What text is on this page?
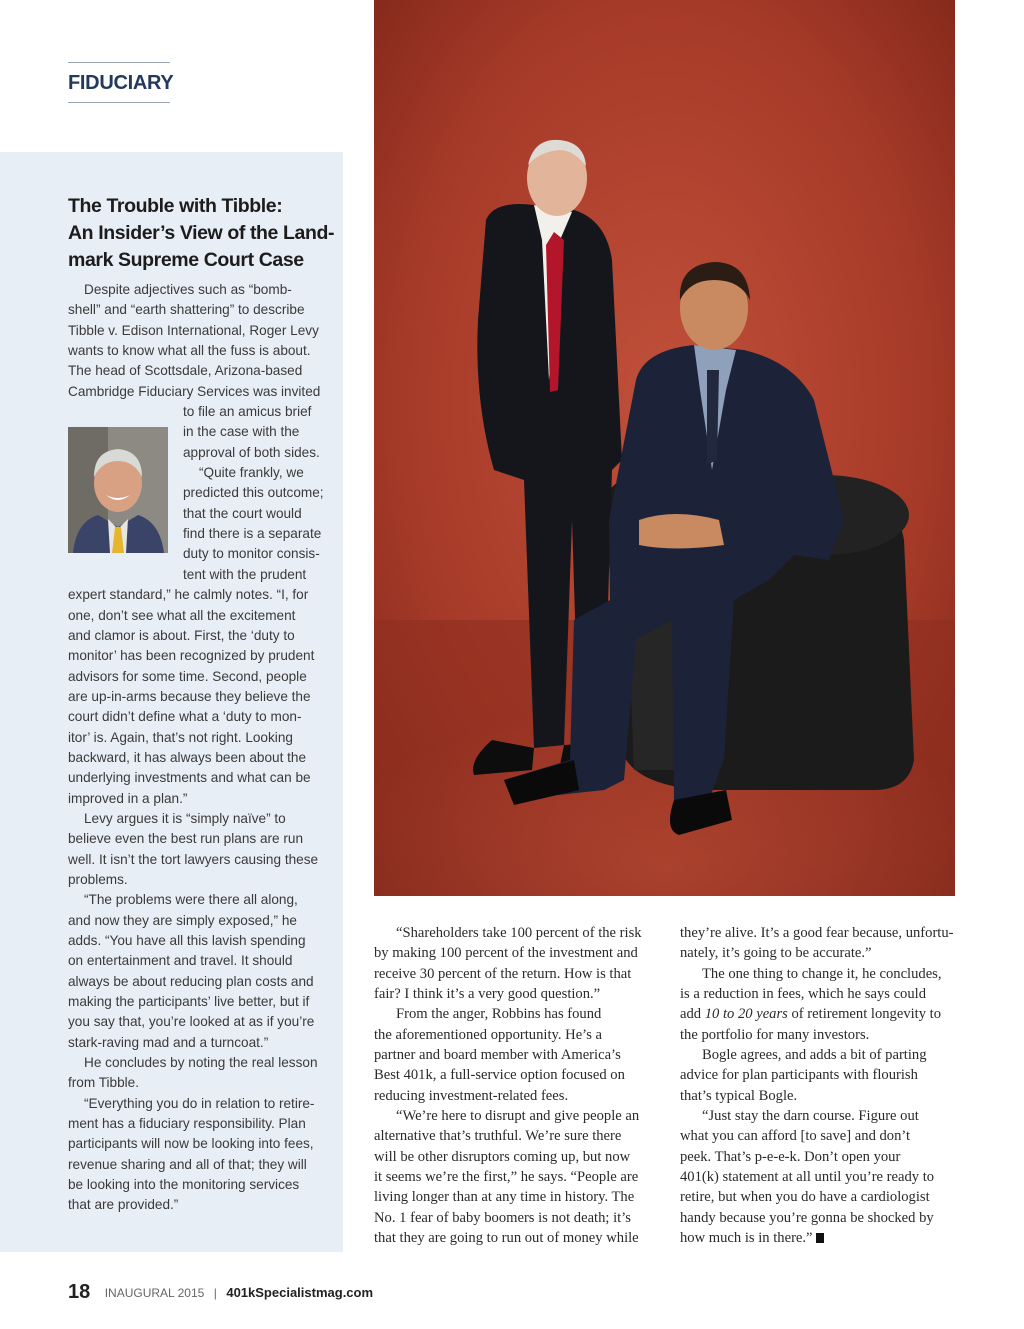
FIDUCIARY
The Trouble with Tibble:
An Insider’s View of the Land-
mark Supreme Court Case
Despite adjectives such as “bomb-
shell” and “earth shattering” to describe
Tibble v. Edison International, Roger Levy
wants to know what all the fuss is about.
The head of Scottsdale, Arizona-based
Cambridge Fiduciary Services was invited
to file an amicus brief
in the case with the
approval of both sides.
“Quite frankly, we
predicted this outcome;
that the court would
find there is a separate
duty to monitor consis-
tent with the prudent
expert standard,” he calmly notes. “I, for
one, don’t see what all the excitement
and clamor is about. First, the ‘duty to
monitor’ has been recognized by prudent
advisors for some time. Second, people
are up-in-arms because they believe the
court didn’t define what a ‘duty to mon-
itor’ is. Again, that’s not right. Looking
backward, it has always been about the
underlying investments and what can be
improved in a plan.”
Levy argues it is “simply naïve” to
believe even the best run plans are run
well. It isn’t the tort lawyers causing these
problems.
“The problems were there all along,
and now they are simply exposed,” he
adds. “You have all this lavish spending
on entertainment and travel. It should
always be about reducing plan costs and
making the participants’ live better, but if
you say that, you’re looked at as if you’re
stark-raving mad and a turncoat.”
He concludes by noting the real lesson
from Tibble.
“Everything you do in relation to retire-
ment has a fiduciary responsibility. Plan
participants will now be looking into fees,
revenue sharing and all of that; they will
be looking into the monitoring services
that are provided.”
“Shareholders take 100 percent of the risk
by making 100 percent of the investment and
receive 30 percent of the return. How is that
fair? I think it’s a very good question.”
From the anger, Robbins has found
the aforementioned opportunity. He’s a
partner and board member with America’s
Best 401k, a full-service option focused on
reducing investment-related fees.
“We’re here to disrupt and give people an
alternative that’s truthful. We’re sure there
will be other disruptors coming up, but now
it seems we’re the first,” he says. “People are
living longer than at any time in history. The
No. 1 fear of baby boomers is not death; it’s
that they are going to run out of money while
they’re alive. It’s a good fear because, unfortu-
nately, it’s going to be accurate.”
The one thing to change it, he concludes,
is a reduction in fees, which he says could
add 10 to 20 years of retirement longevity to
the portfolio for many investors.
Bogle agrees, and adds a bit of parting
advice for plan participants with flourish
that’s typical Bogle.
“Just stay the darn course. Figure out
what you can afford [to save] and don’t
peek. That’s p-e-e-k. Don’t open your
401(k) statement at all until you’re ready to
retire, but when you do have a cardiologist
handy because you’re gonna be shocked by
how much is in there.”
18 INAUGURAL 2015 | 401kSpecialistmag.com
